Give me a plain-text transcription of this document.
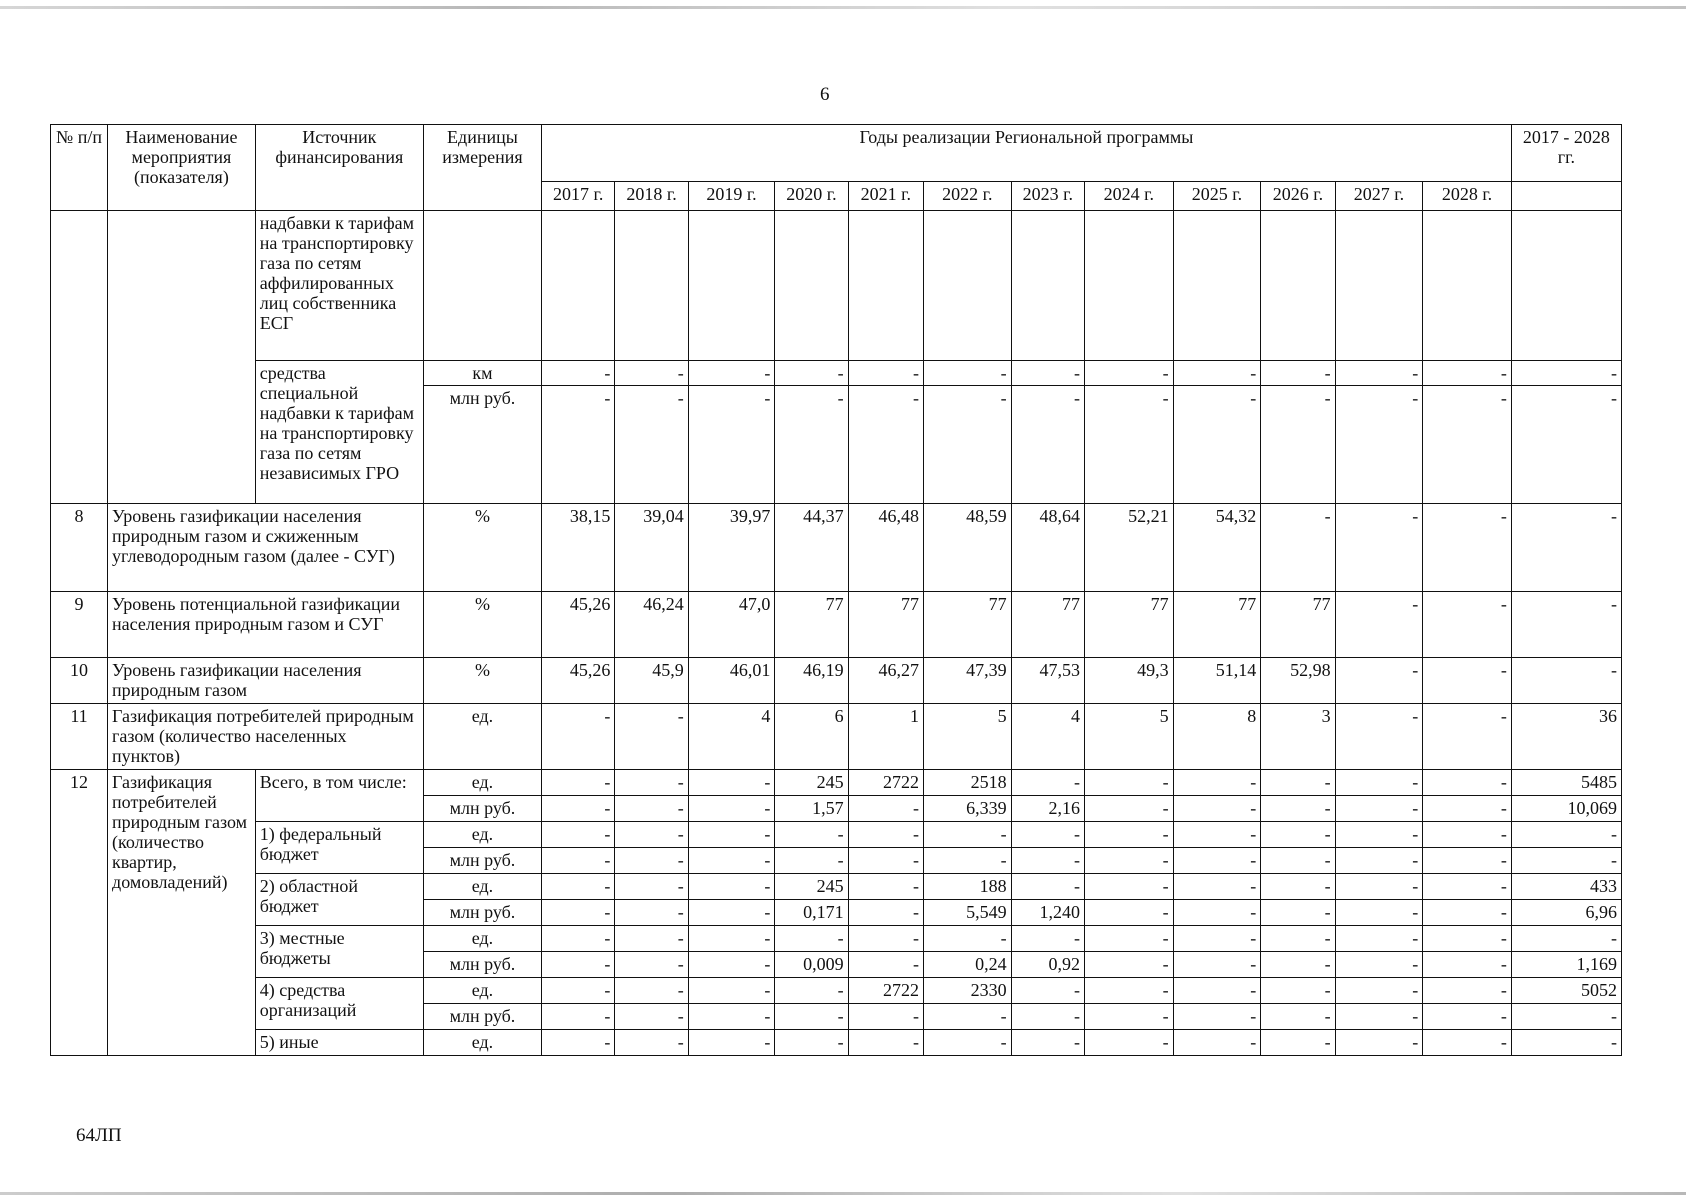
6
№ п/п	Наименование мероприятия (показателя)	Источник финансирования	Единицы измерения	Годы реализации Региональной программы												2017 - 2028 гг.
				2017 г.	2018 г.	2019 г.	2020 г.	2021 г.	2022 г.	2023 г.	2024 г.	2025 г.	2026 г.	2027 г.	2028 г.	
		надбавки к тарифам на транспортировку газа по сетям аффилированных лиц собственника ЕСГ														
		средства специальной надбавки к тарифам на транспортировку газа по сетям независимых ГРО	км	-	-	-	-	-	-	-	-	-	-	-	-	-
			млн руб.	-	-	-	-	-	-	-	-	-	-	-	-	-
8	Уровень газификации населения природным газом и сжиженным углеводородным газом (далее - СУГ)		%	38,15	39,04	39,97	44,37	46,48	48,59	48,64	52,21	54,32	-	-	-	-
9	Уровень потенциальной газификации населения природным газом и СУГ		%	45,26	46,24	47,0	77	77	77	77	77	77	77	-	-	-
10	Уровень газификации населения природным газом		%	45,26	45,9	46,01	46,19	46,27	47,39	47,53	49,3	51,14	52,98	-	-	-
11	Газификация потребителей природным газом (количество населенных пунктов)		ед.	-	-	4	6	1	5	4	5	8	3	-	-	36
12	Газификация потребителей природным газом (количество квартир, домовладений)	Всего, в том числе:	ед.	-	-	-	245	2722	2518	-	-	-	-	-	-	5485
			млн руб.	-	-	-	1,57	-	6,339	2,16	-	-	-	-	-	10,069
		1) федеральный бюджет	ед.	-	-	-	-	-	-	-	-	-	-	-	-	-
			млн руб.	-	-	-	-	-	-	-	-	-	-	-	-	-
		2) областной бюджет	ед.	-	-	-	245	-	188	-	-	-	-	-	-	433
			млн руб.	-	-	-	0,171	-	5,549	1,240	-	-	-	-	-	6,96
		3) местные бюджеты	ед.	-	-	-	-	-	-	-	-	-	-	-	-	-
			млн руб.	-	-	-	0,009	-	0,24	0,92	-	-	-	-	-	1,169
		4) средства организаций	ед.	-	-	-	-	2722	2330	-	-	-	-	-	-	5052
			млн руб.	-	-	-	-	-	-	-	-	-	-	-	-	-
		5) иные	ед.	-	-	-	-	-	-	-	-	-	-	-	-	-
64ЛП
